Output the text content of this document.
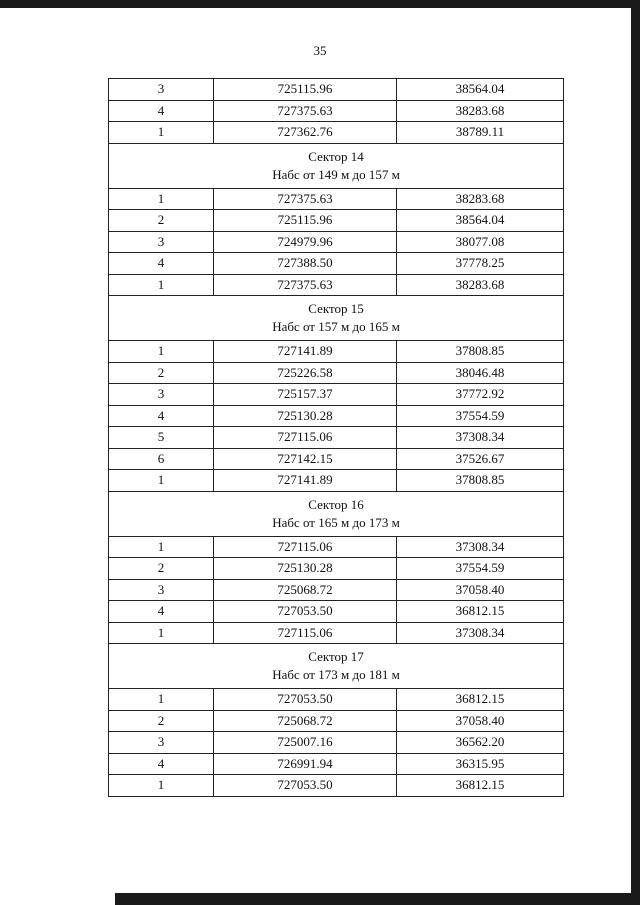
35
3	725115.96	38564.04
4	727375.63	38283.68
1	727362.76	38789.11

Сектор 14
Набс от 149 м до 157 м		

1	727375.63	38283.68
2	725115.96	38564.04
3	724979.96	38077.08
4	727388.50	37778.25
1	727375.63	38283.68

Сектор 15
Набс от 157 м до 165 м		

1	727141.89	37808.85
2	725226.58	38046.48
3	725157.37	37772.92
4	725130.28	37554.59
5	727115.06	37308.34
6	727142.15	37526.67
1	727141.89	37808.85

Сектор 16
Набс от 165 м до 173 м		

1	727115.06	37308.34
2	725130.28	37554.59
3	725068.72	37058.40
4	727053.50	36812.15
1	727115.06	37308.34

Сектор 17
Набс от 173 м до 181 м		

1	727053.50	36812.15
2	725068.72	37058.40
3	725007.16	36562.20
4	726991.94	36315.95
1	727053.50	36812.15
